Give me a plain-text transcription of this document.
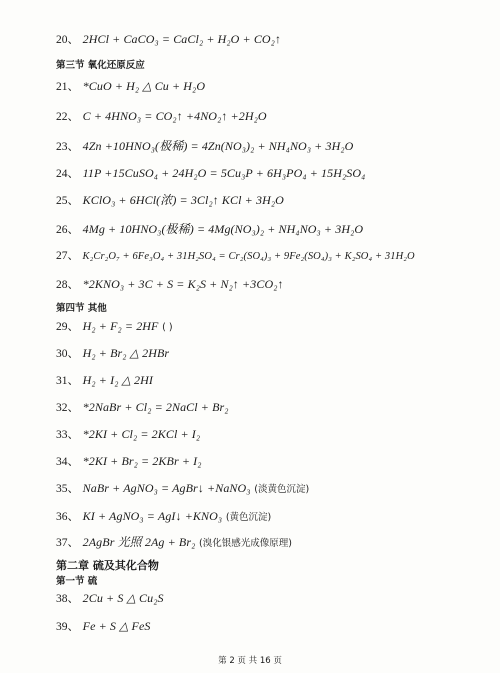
20、 2HCl + CaCO₃ = CaCl₂ + H₂O + CO₂↑
第三节 氧化还原反应
21、 *CuO + H₂ △ Cu + H₂O
22、 C + 4HNO₃ = CO₂↑ +4NO₂↑ +2H₂O
23、 4Zn +10HNO₃(极稀) = 4Zn(NO₃)₂ + NH₄NO₃ + 3H₂O
24、 11P +15CuSO₄ + 24H₂O = 5Cu₃P + 6H₃PO₄ + 15H₂SO₄
25、 KClO₃ + 6HCl(浓) = 3Cl₂↑ KCl + 3H₂O
26、 4Mg + 10HNO₃(极稀) = 4Mg(NO₃)₂ + NH₄NO₃ + 3H₂O
27、 K₂Cr₂O₇ + 6Fe₃O₄ + 31H₂SO₄ = Cr₂(SO₄)₃ + 9Fe₂(SO₄)₃ + K₂SO₄ + 31H₂O
28、 *2KNO₃ + 3C + S = K₂S + N₂↑ +3CO₂↑
第四节 其他
29、 H₂ + F₂ = 2HF ( )
30、 H₂ + Br₂ △ 2HBr
31、 H₂ + I₂ △ 2HI
32、 *2NaBr + Cl₂ = 2NaCl + Br₂
33、 *2KI + Cl₂ = 2KCl + I₂
34、 *2KI + Br₂ = 2KBr + I₂
35、 NaBr + AgNO₃ = AgBr↓ +NaNO₃ (淡黄色沉淀)
36、 KI + AgNO₃ = AgI↓ +KNO₃ (黄色沉淀)
37、 2AgBr 光照 2Ag + Br₂ (溴化银感光成像原理)
第二章 硫及其化合物
第一节 硫
38、 2Cu + S △ Cu₂S
39、 Fe + S △ FeS
第 2 页 共 16 页
